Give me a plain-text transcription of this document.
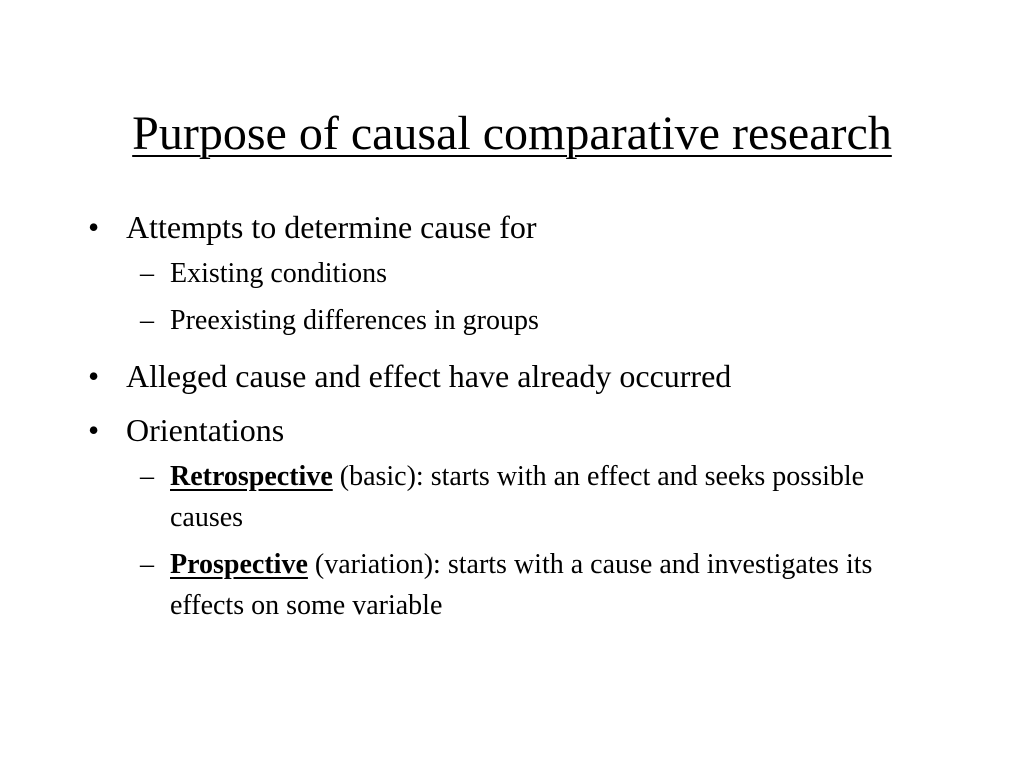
Purpose of causal comparative research
• Attempts to determine cause for
– Existing conditions
– Preexisting differences in groups
• Alleged cause and effect have already occurred
• Orientations
– Retrospective (basic): starts with an effect and seeks possible causes
– Prospective (variation): starts with a cause and investigates its effects on some variable
